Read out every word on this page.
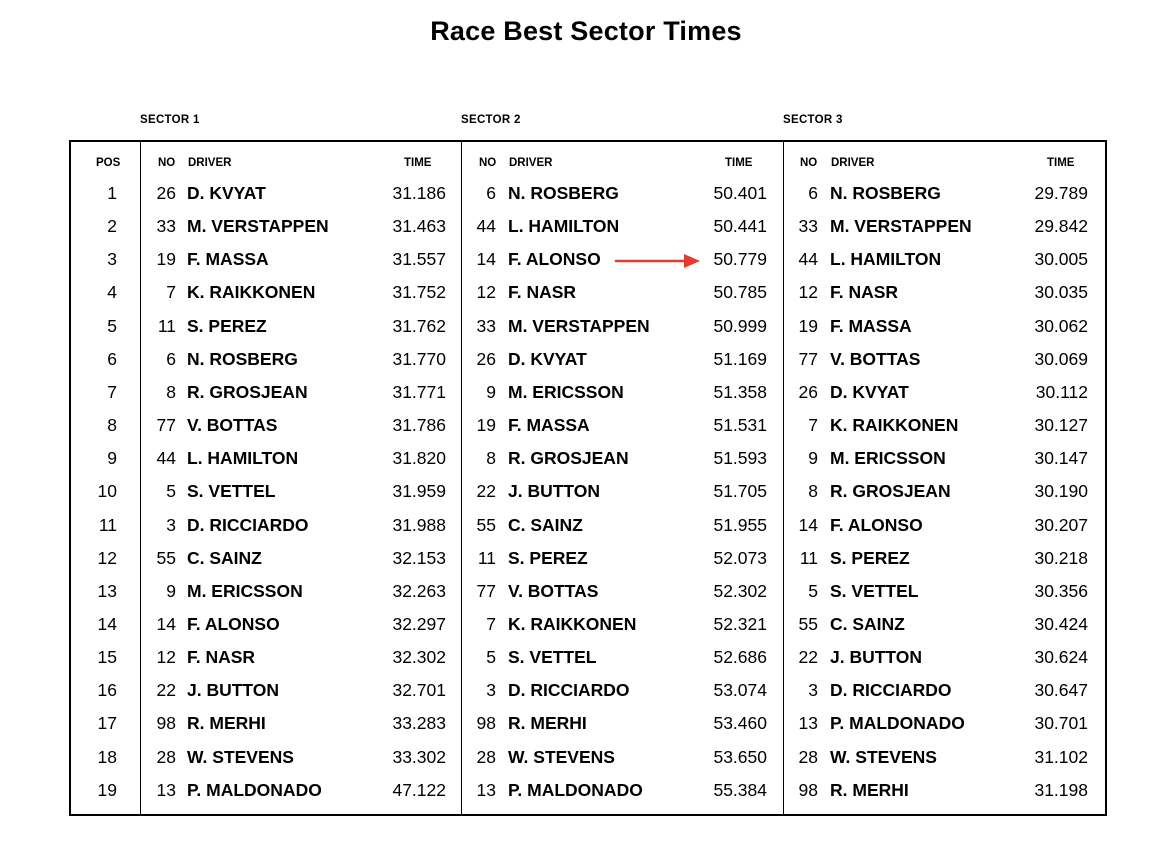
Race Best Sector Times
SECTOR 1	SECTOR 2	SECTOR 3
POS	NO DRIVER	TIME	NO DRIVER	TIME	NO DRIVER	TIME
1	26 D. KVYAT	31.186	6 N. ROSBERG	50.401	6 N. ROSBERG	29.789
2	33 M. VERSTAPPEN	31.463	44 L. HAMILTON	50.441	33 M. VERSTAPPEN	29.842
3	19 F. MASSA	31.557	14 F. ALONSO	50.779	44 L. HAMILTON	30.005
4	7 K. RAIKKONEN	31.752	12 F. NASR	50.785	12 F. NASR	30.035
5	11 S. PEREZ	31.762	33 M. VERSTAPPEN	50.999	19 F. MASSA	30.062
6	6 N. ROSBERG	31.770	26 D. KVYAT	51.169	77 V. BOTTAS	30.069
7	8 R. GROSJEAN	31.771	9 M. ERICSSON	51.358	26 D. KVYAT	30.112
8	77 V. BOTTAS	31.786	19 F. MASSA	51.531	7 K. RAIKKONEN	30.127
9	44 L. HAMILTON	31.820	8 R. GROSJEAN	51.593	9 M. ERICSSON	30.147
10	5 S. VETTEL	31.959	22 J. BUTTON	51.705	8 R. GROSJEAN	30.190
11	3 D. RICCIARDO	31.988	55 C. SAINZ	51.955	14 F. ALONSO	30.207
12	55 C. SAINZ	32.153	11 S. PEREZ	52.073	11 S. PEREZ	30.218
13	9 M. ERICSSON	32.263	77 V. BOTTAS	52.302	5 S. VETTEL	30.356
14	14 F. ALONSO	32.297	7 K. RAIKKONEN	52.321	55 C. SAINZ	30.424
15	12 F. NASR	32.302	5 S. VETTEL	52.686	22 J. BUTTON	30.624
16	22 J. BUTTON	32.701	3 D. RICCIARDO	53.074	3 D. RICCIARDO	30.647
17	98 R. MERHI	33.283	98 R. MERHI	53.460	13 P. MALDONADO	30.701
18	28 W. STEVENS	33.302	28 W. STEVENS	53.650	28 W. STEVENS	31.102
19	13 P. MALDONADO	47.122	13 P. MALDONADO	55.384	98 R. MERHI	31.198
